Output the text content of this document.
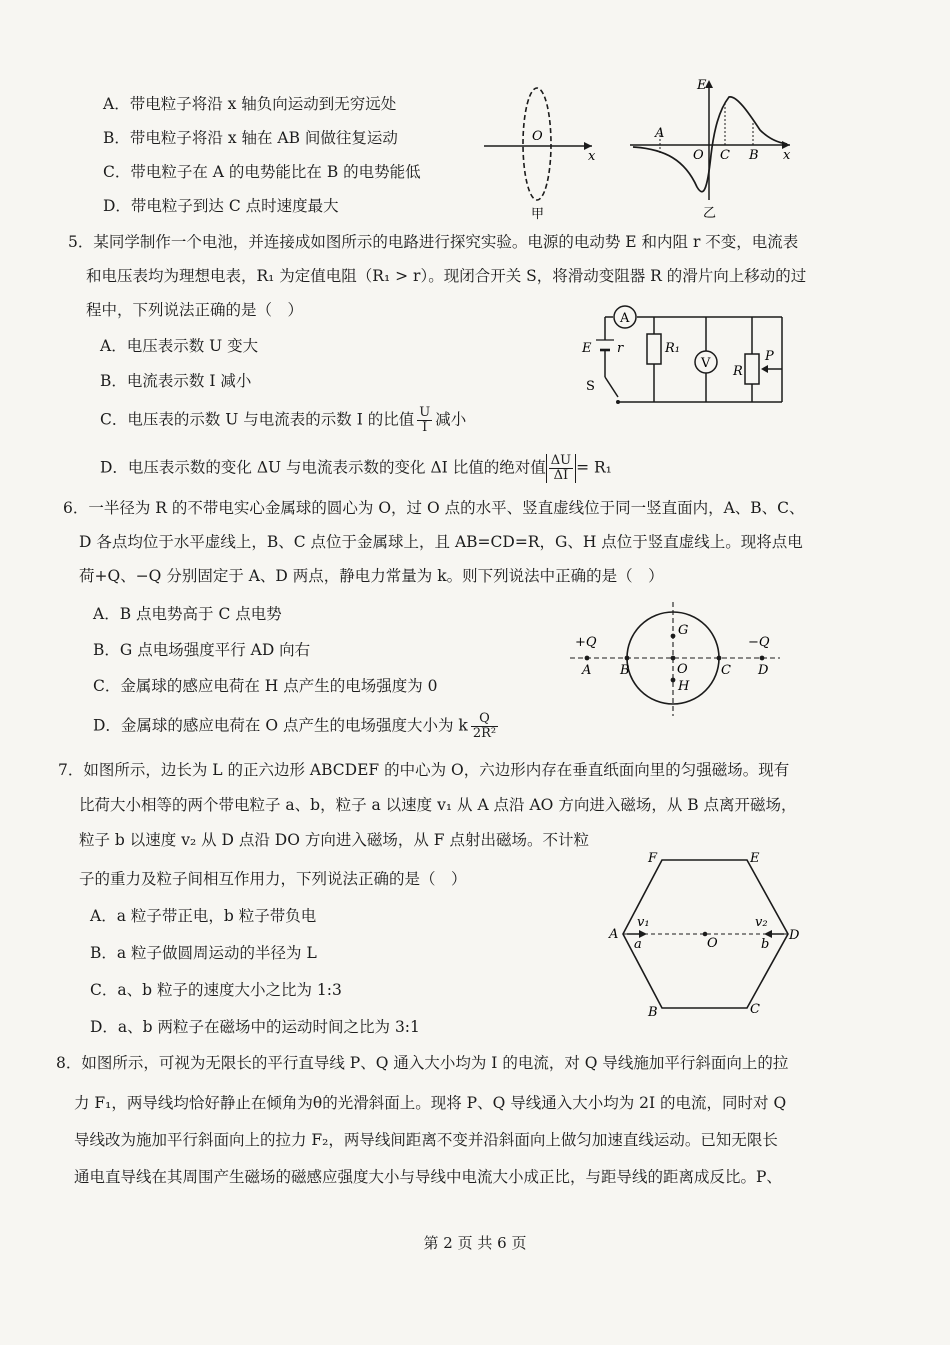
A．带电粒子将沿 x 轴负向运动到无穷远处
B．带电粒子将沿 x 轴在 AB 间做往复运动
C．带电粒子在 A 的电势能比在 B 的电势能低
D．带电粒子到达 C 点时速度最大
O
x
甲
E
A
O C B x
乙
5．某同学制作一个电池，并连接成如图所示的电路进行探究实验。电源的电动势 E 和内阻 r 不变，电流表
和电压表均为理想电表，R₁ 为定值电阻（R₁ > r）。现闭合开关 S，将滑动变阻器 R 的滑片向上移动的过
程中，下列说法正确的是（　）
A．电压表示数 U 变大
B．电流表示数 I 减小
C．电压表的示数 U 与电流表的示数 I 的比值 $\frac{U}{I}$ 减小
D．电压表示数的变化 ΔU 与电流表示数的变化 ΔI 比值的绝对值 $\frac{\Delta U}{\Delta I} = R_1$
A
R₁
V
R
P
E r
S
6．一半径为 R 的不带电实心金属球的圆心为 O，过 O 点的水平、竖直虚线位于同一竖直面内，A、B、C、
D 各点均位于水平虚线上，B、C 点位于金属球上，且 AB=CD=R，G、H 点位于竖直虚线上。现将点电
荷+Q、−Q 分别固定于 A、D 两点，静电力常量为 k。则下列说法中正确的是（　）
A．B 点电势高于 C 点电势
B．G 点电场强度平行 AD 向右
C．金属球的感应电荷在 H 点产生的电场强度为 0
D．金属球的感应电荷在 O 点产生的电场强度大小为 k $\frac{Q}{\text{2R²}}$
+Q
A B
G
O
H
C
−Q
D
7．如图所示，边长为 L 的正六边形 ABCDEF 的中心为 O，六边形内存在垂直纸面向里的匀强磁场。现有
比荷大小相等的两个带电粒子 a、b，粒子 a 以速度 v₁ 从 A 点沿 AO 方向进入磁场，从 B 点离开磁场，
粒子 b 以速度 v₂ 从 D 点沿 DO 方向进入磁场，从 F 点射出磁场。不计粒
子的重力及粒子间相互作用力，下列说法正确的是（　）
A．a 粒子带正电，b 粒子带负电
B．a 粒子做圆周运动的半径为 L
C．a、b 粒子的速度大小之比为 1:3
D．a、b 两粒子在磁场中的运动时间之比为 3:1
F	E
A	D
B	C
O
a	b
v₁	v₂
8．如图所示，可视为无限长的平行直导线 P、Q 通入大小均为 I 的电流，对 Q 导线施加平行斜面向上的拉
力 F₁，两导线均恰好静止在倾角为θ的光滑斜面上。现将 P、Q 导线通入大小均为 2I 的电流，同时对 Q
导线改为施加平行斜面向上的拉力 F₂，两导线间距离不变并沿斜面向上做匀加速直线运动。已知无限长
通电直导线在其周围产生磁场的磁感应强度大小与导线中电流大小成正比，与距导线的距离成反比。P、
第 2 页 共 6 页
